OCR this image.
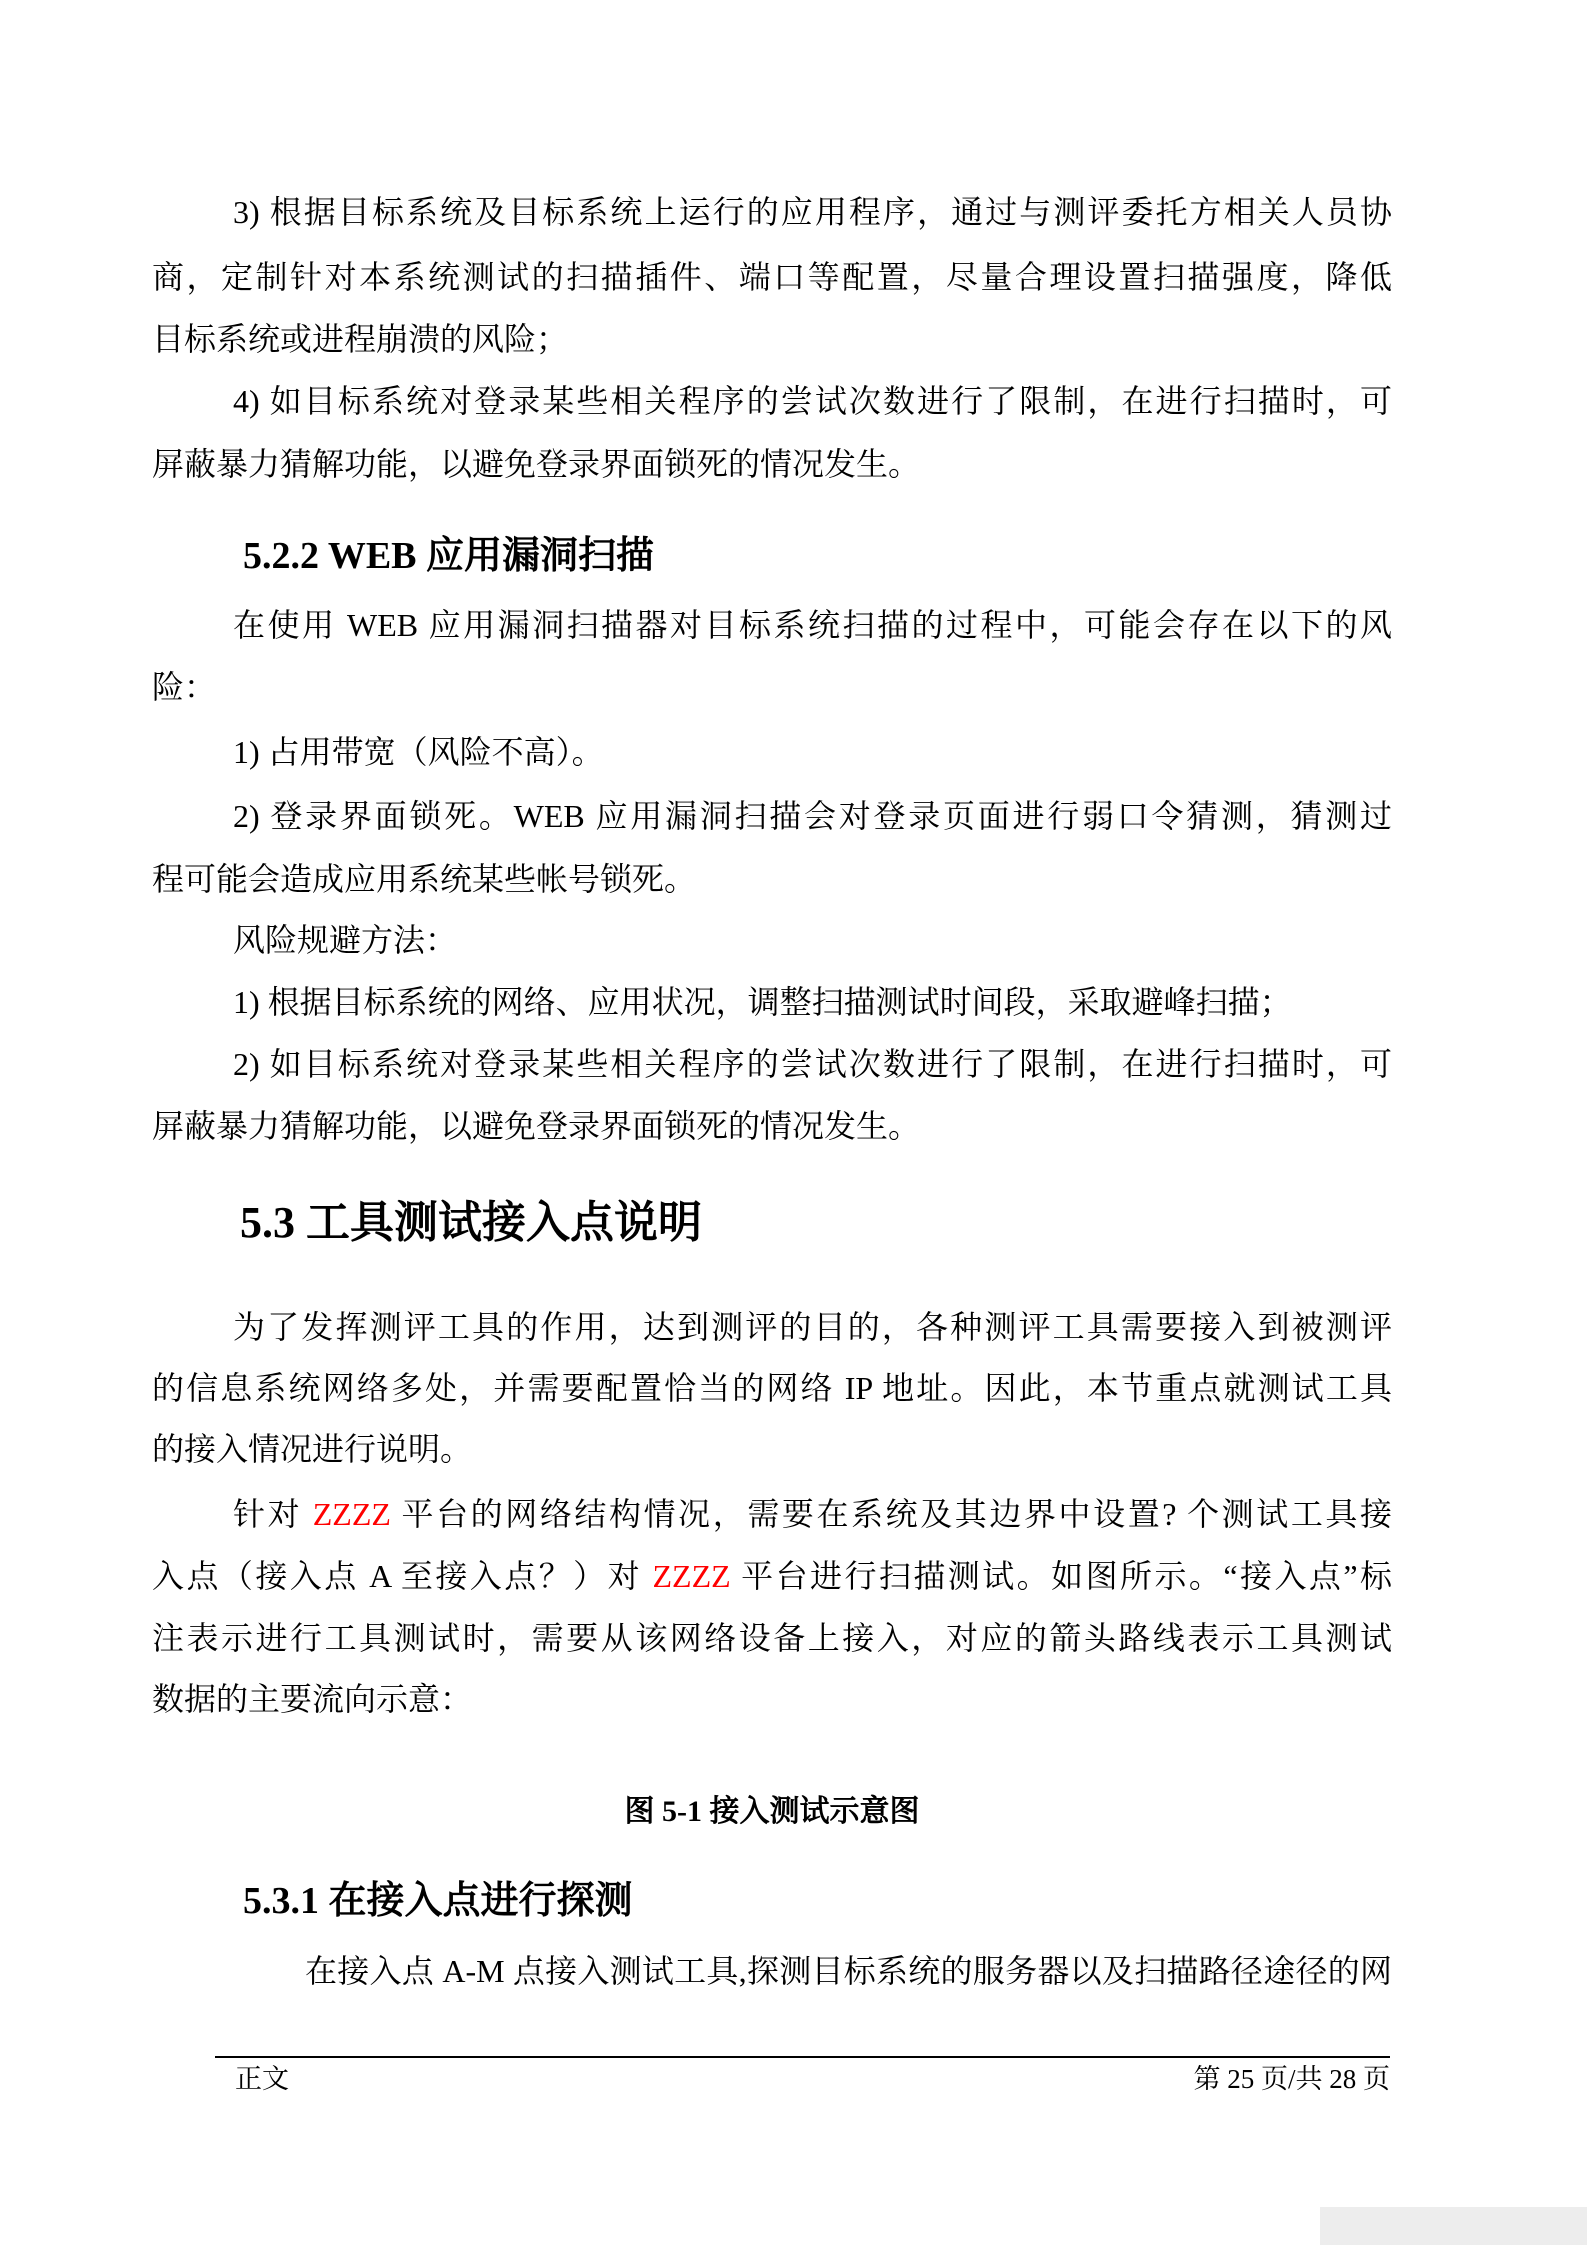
3) 根据目标系统及目标系统上运行的应用程序，通过与测评委托方相关人员协
商，定制针对本系统测试的扫描插件、端口等配置，尽量合理设置扫描强度，降低
目标系统或进程崩溃的风险；
4) 如目标系统对登录某些相关程序的尝试次数进行了限制，在进行扫描时，可
屏蔽暴力猜解功能，以避免登录界面锁死的情况发生。
5.2.2 WEB 应用漏洞扫描
在使用 WEB 应用漏洞扫描器对目标系统扫描的过程中，可能会存在以下的风
险：
1) 占用带宽（风险不高）。
2) 登录界面锁死。WEB 应用漏洞扫描会对登录页面进行弱口令猜测，猜测过
程可能会造成应用系统某些帐号锁死。
风险规避方法：
1) 根据目标系统的网络、应用状况，调整扫描测试时间段，采取避峰扫描；
2) 如目标系统对登录某些相关程序的尝试次数进行了限制，在进行扫描时，可
屏蔽暴力猜解功能，以避免登录界面锁死的情况发生。
5.3 工具测试接入点说明
为了发挥测评工具的作用，达到测评的目的，各种测评工具需要接入到被测评
的信息系统网络多处，并需要配置恰当的网络 IP 地址。因此，本节重点就测试工具
的接入情况进行说明。
针对 ZZZZ 平台的网络结构情况，需要在系统及其边界中设置? 个测试工具接
入点（接入点 A 至接入点？）对 ZZZZ 平台进行扫描测试。如图所示。“接入点”标
注表示进行工具测试时，需要从该网络设备上接入，对应的箭头路线表示工具测试
数据的主要流向示意：
图 5-1 接入测试示意图
5.3.1 在接入点进行探测
在接入点 A-M 点接入测试工具,探测目标系统的服务器以及扫描路径途径的网
正文	第 25 页/共 28 页
